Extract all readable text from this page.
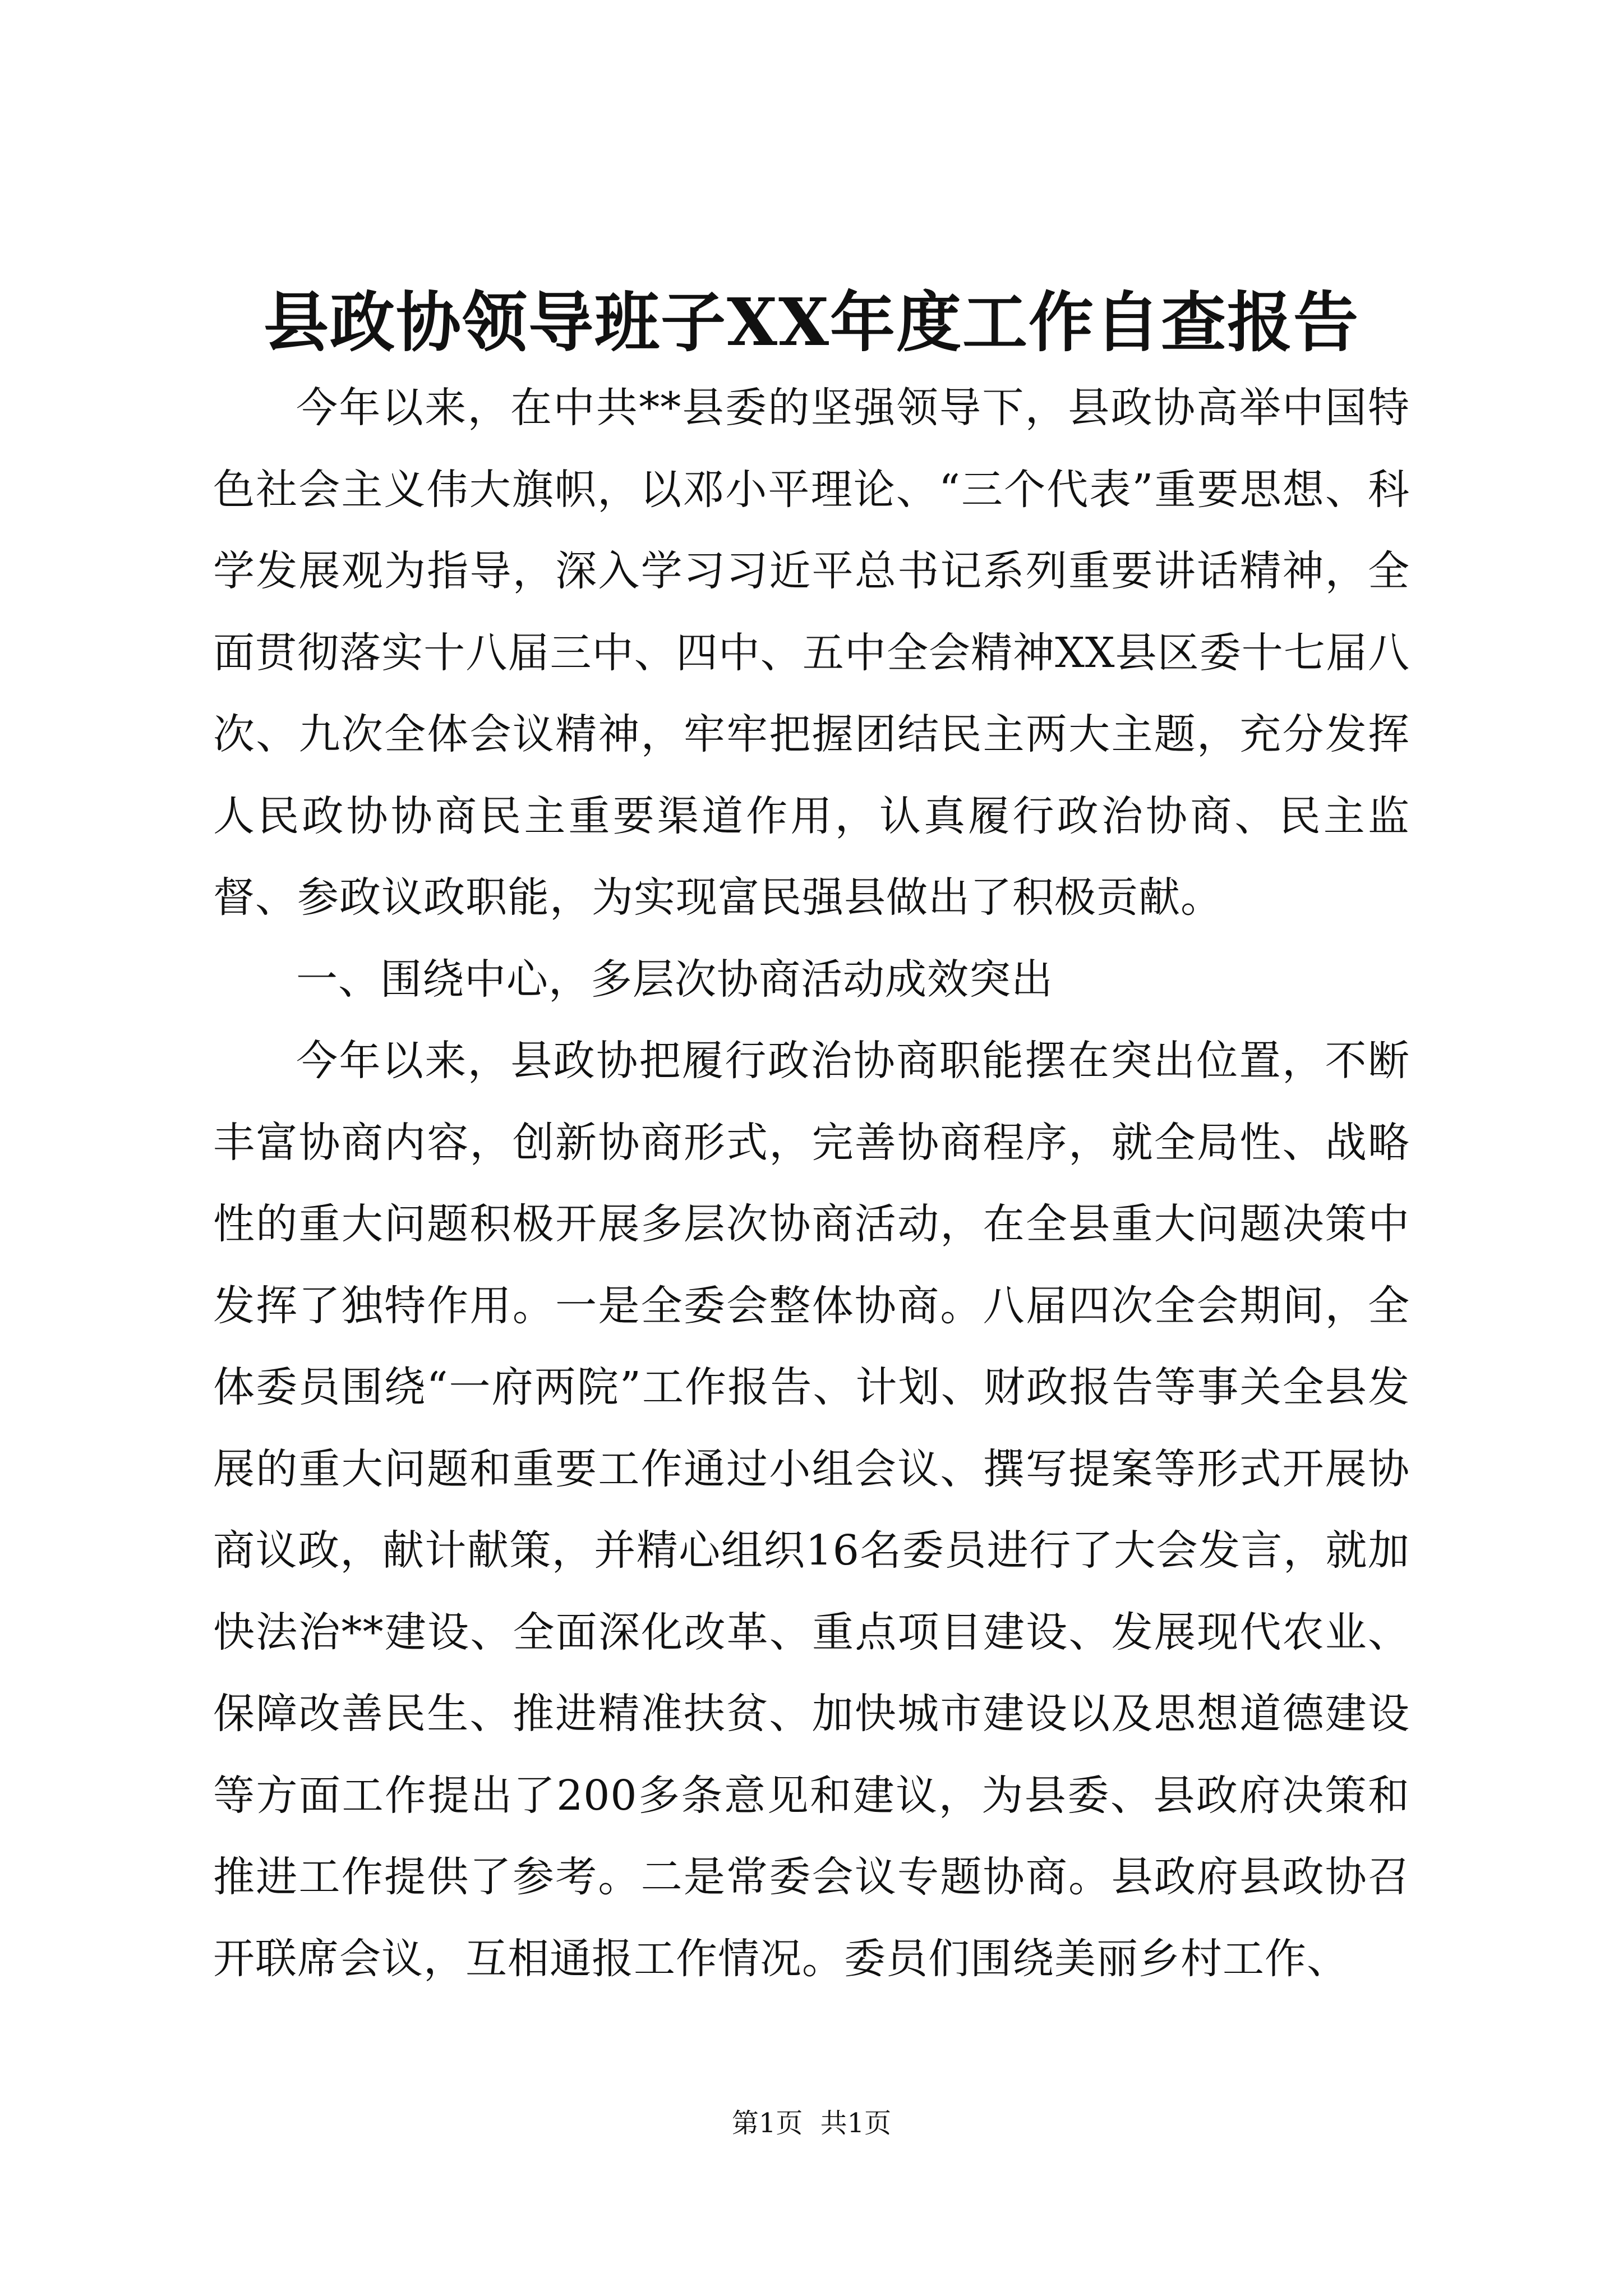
县政协领导班子XX年度工作自查报告

今年以来，在中共**县委的坚强领导下，县政协高举中国特色社会主义伟大旗帜，以邓小平理论、“三个代表”重要思想、科学发展观为指导，深入学习习近平总书记系列重要讲话精神，全面贯彻落实十八届三中、四中、五中全会精神XX县区委十七届八次、九次全体会议精神，牢牢把握团结民主两大主题，充分发挥人民政协协商民主重要渠道作用，认真履行政治协商、民主监督、参政议政职能，为实现富民强县做出了积极贡献。

一、围绕中心，多层次协商活动成效突出

今年以来，县政协把履行政治协商职能摆在突出位置，不断丰富协商内容，创新协商形式，完善协商程序，就全局性、战略性的重大问题积极开展多层次协商活动，在全县重大问题决策中发挥了独特作用。一是全委会整体协商。八届四次全会期间，全体委员围绕“一府两院”工作报告、计划、财政报告等事关全县发展的重大问题和重要工作通过小组会议、撰写提案等形式开展协商议政，献计献策，并精心组织16名委员进行了大会发言，就加快法治**建设、全面深化改革、重点项目建设、发展现代农业、保障改善民生、推进精准扶贫、加快城市建设以及思想道德建设等方面工作提出了200多条意见和建议，为县委、县政府决策和推进工作提供了参考。二是常委会议专题协商。县政府县政协召开联席会议，互相通报工作情况。委员们围绕美丽乡村工作、

第1页 共1页
